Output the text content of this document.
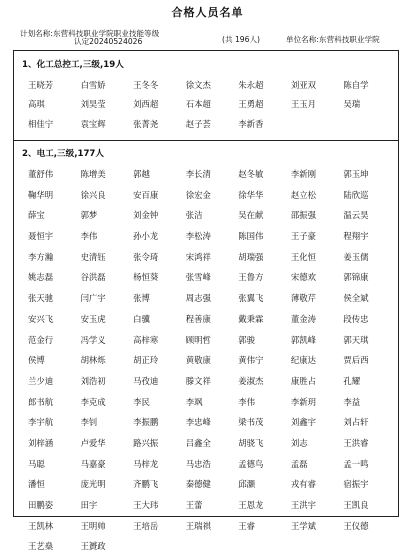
合格人员名单
计划名称:东营科技职业学院职业技能等级
认定20240524026	(共 196人)	单位名称:东营科技职业学院
1、化工总控工,三级,19人
王晓芳	白雪娇	王冬冬	徐文杰	朱永超	刘亚双	陈自学
高琪	刘昊莹	刘西超	石本超	王勇超	王玉月	吴瑞
相佳宁	袁宝辉	张菁尧	赵子荟	李新香
2、电工,三级,177人
董舒伟	陈增美	郭越	李长清	赵冬敏	李新刚	郭玉坤
鞠华明	徐兴良	安百康	徐宏金	徐华华	赵立松	陆欣巡
薛宝	郭梦	刘金钟	张洁	吴在献	邵振强	温云昊
聂恒宇	李伟	孙小龙	李松涛	陈国伟	王子豪	程翔宇
李方瀚	史清钰	张令琦	宋鸿祥	胡瑞强	王化恒	姜玉儒
姚志磊	谷洪磊	杨恒葵	张雪峰	王鲁方	宋德欢	郭锦康
张天驰	闫广宇	张博	周志强	张翼飞	薄敬芹	侯全斌
安兴飞	安玉虎	白骥	程善康	戴秉霖	董金涛	段传忠
范金行	冯学义	高梓寒	顾明哲	郭骏	郭凯峰	郭天琪
侯博	胡林烁	胡正玲	黄敬康	黄伟宁	纪康达	贾后西
兰少迪	刘浩初	马孜迪	滕文祥	姜淑杰	康胜占	孔耀
郎书航	李克成	李民	李飒	李伟	李新玥	李益
李宇航	李钊	李振鹏	李忠峰	梁书茂	刘鑫宇	刘占轩
刘梓涵	卢爱华	路兴振	吕鑫全	胡骁飞	刘志	王洪睿
马聪	马嘉豪	马梓龙	马忠浩	孟德鸟	孟磊	孟一鸣
潘恒	庞光明	齐鹏飞	秦德健	邱灏	戎有睿	宿振宇
田鹏姿	田宇	王大玮	王蕾	王恩龙	王洪宇	王凯良
王凯林	王明帅	王培岳	王瑞祺	王睿	王学斌	王仪德
王艺燊	王贇政
